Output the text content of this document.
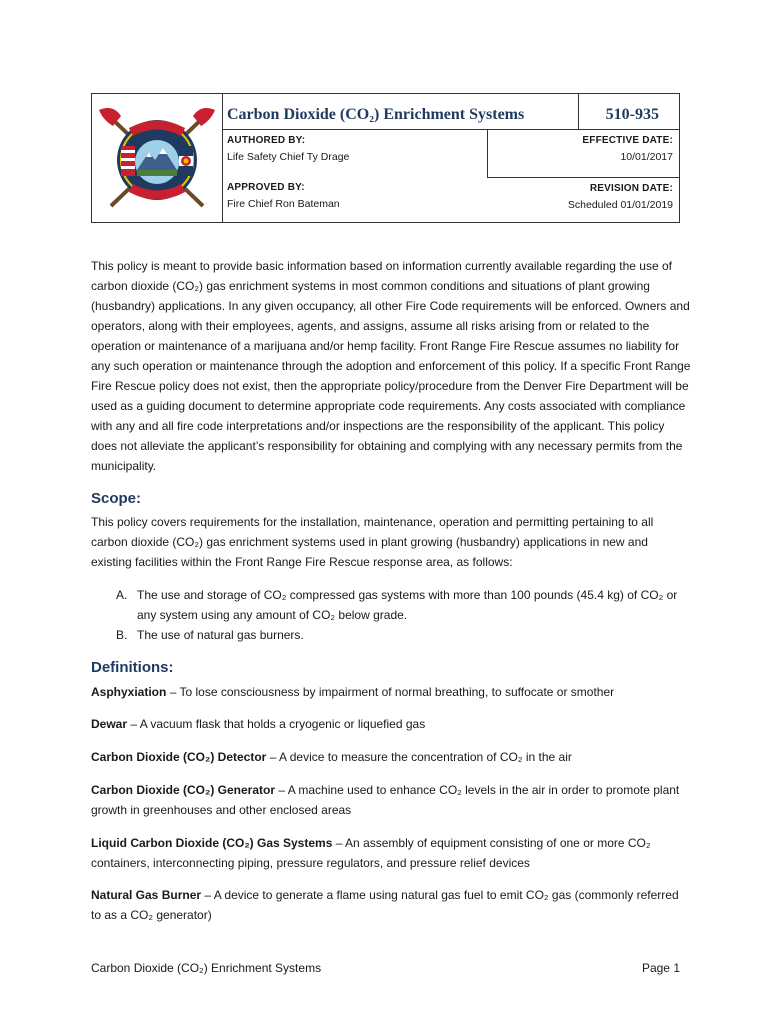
Carbon Dioxide (CO₂) Enrichment Systems	510-935
AUTHORED BY:
Life Safety Chief Ty Drage
APPROVED BY:
Fire Chief Ron Bateman
EFFECTIVE DATE:
10/01/2017
REVISION DATE:
Scheduled 01/01/2019
This policy is meant to provide basic information based on information currently available regarding the use of carbon dioxide (CO₂) gas enrichment systems in most common conditions and situations of plant growing (husbandry) applications. In any given occupancy, all other Fire Code requirements will be enforced. Owners and operators, along with their employees, agents, and assigns, assume all risks arising from or related to the operation or maintenance of a marijuana and/or hemp facility. Front Range Fire Rescue assumes no liability for any such operation or maintenance through the adoption and enforcement of this policy. If a specific Front Range Fire Rescue policy does not exist, then the appropriate policy/procedure from the Denver Fire Department will be used as a guiding document to determine appropriate code requirements. Any costs associated with compliance with any and all fire code interpretations and/or inspections are the responsibility of the applicant. This policy does not alleviate the applicant’s responsibility for obtaining and complying with any necessary permits from the municipality.
Scope:
This policy covers requirements for the installation, maintenance, operation and permitting pertaining to all carbon dioxide (CO₂) gas enrichment systems used in plant growing (husbandry) applications in new and existing facilities within the Front Range Fire Rescue response area, as follows:
A. The use and storage of CO₂ compressed gas systems with more than 100 pounds (45.4 kg) of CO₂ or any system using any amount of CO₂ below grade.
B. The use of natural gas burners.
Definitions:
Asphyxiation – To lose consciousness by impairment of normal breathing, to suffocate or smother
Dewar – A vacuum flask that holds a cryogenic or liquefied gas
Carbon Dioxide (CO₂) Detector – A device to measure the concentration of CO₂ in the air
Carbon Dioxide (CO₂) Generator – A machine used to enhance CO₂ levels in the air in order to promote plant growth in greenhouses and other enclosed areas
Liquid Carbon Dioxide (CO₂) Gas Systems – An assembly of equipment consisting of one or more CO₂ containers, interconnecting piping, pressure regulators, and pressure relief devices
Natural Gas Burner – A device to generate a flame using natural gas fuel to emit CO₂ gas (commonly referred to as a CO₂ generator)
Carbon Dioxide (CO₂) Enrichment Systems	Page 1
